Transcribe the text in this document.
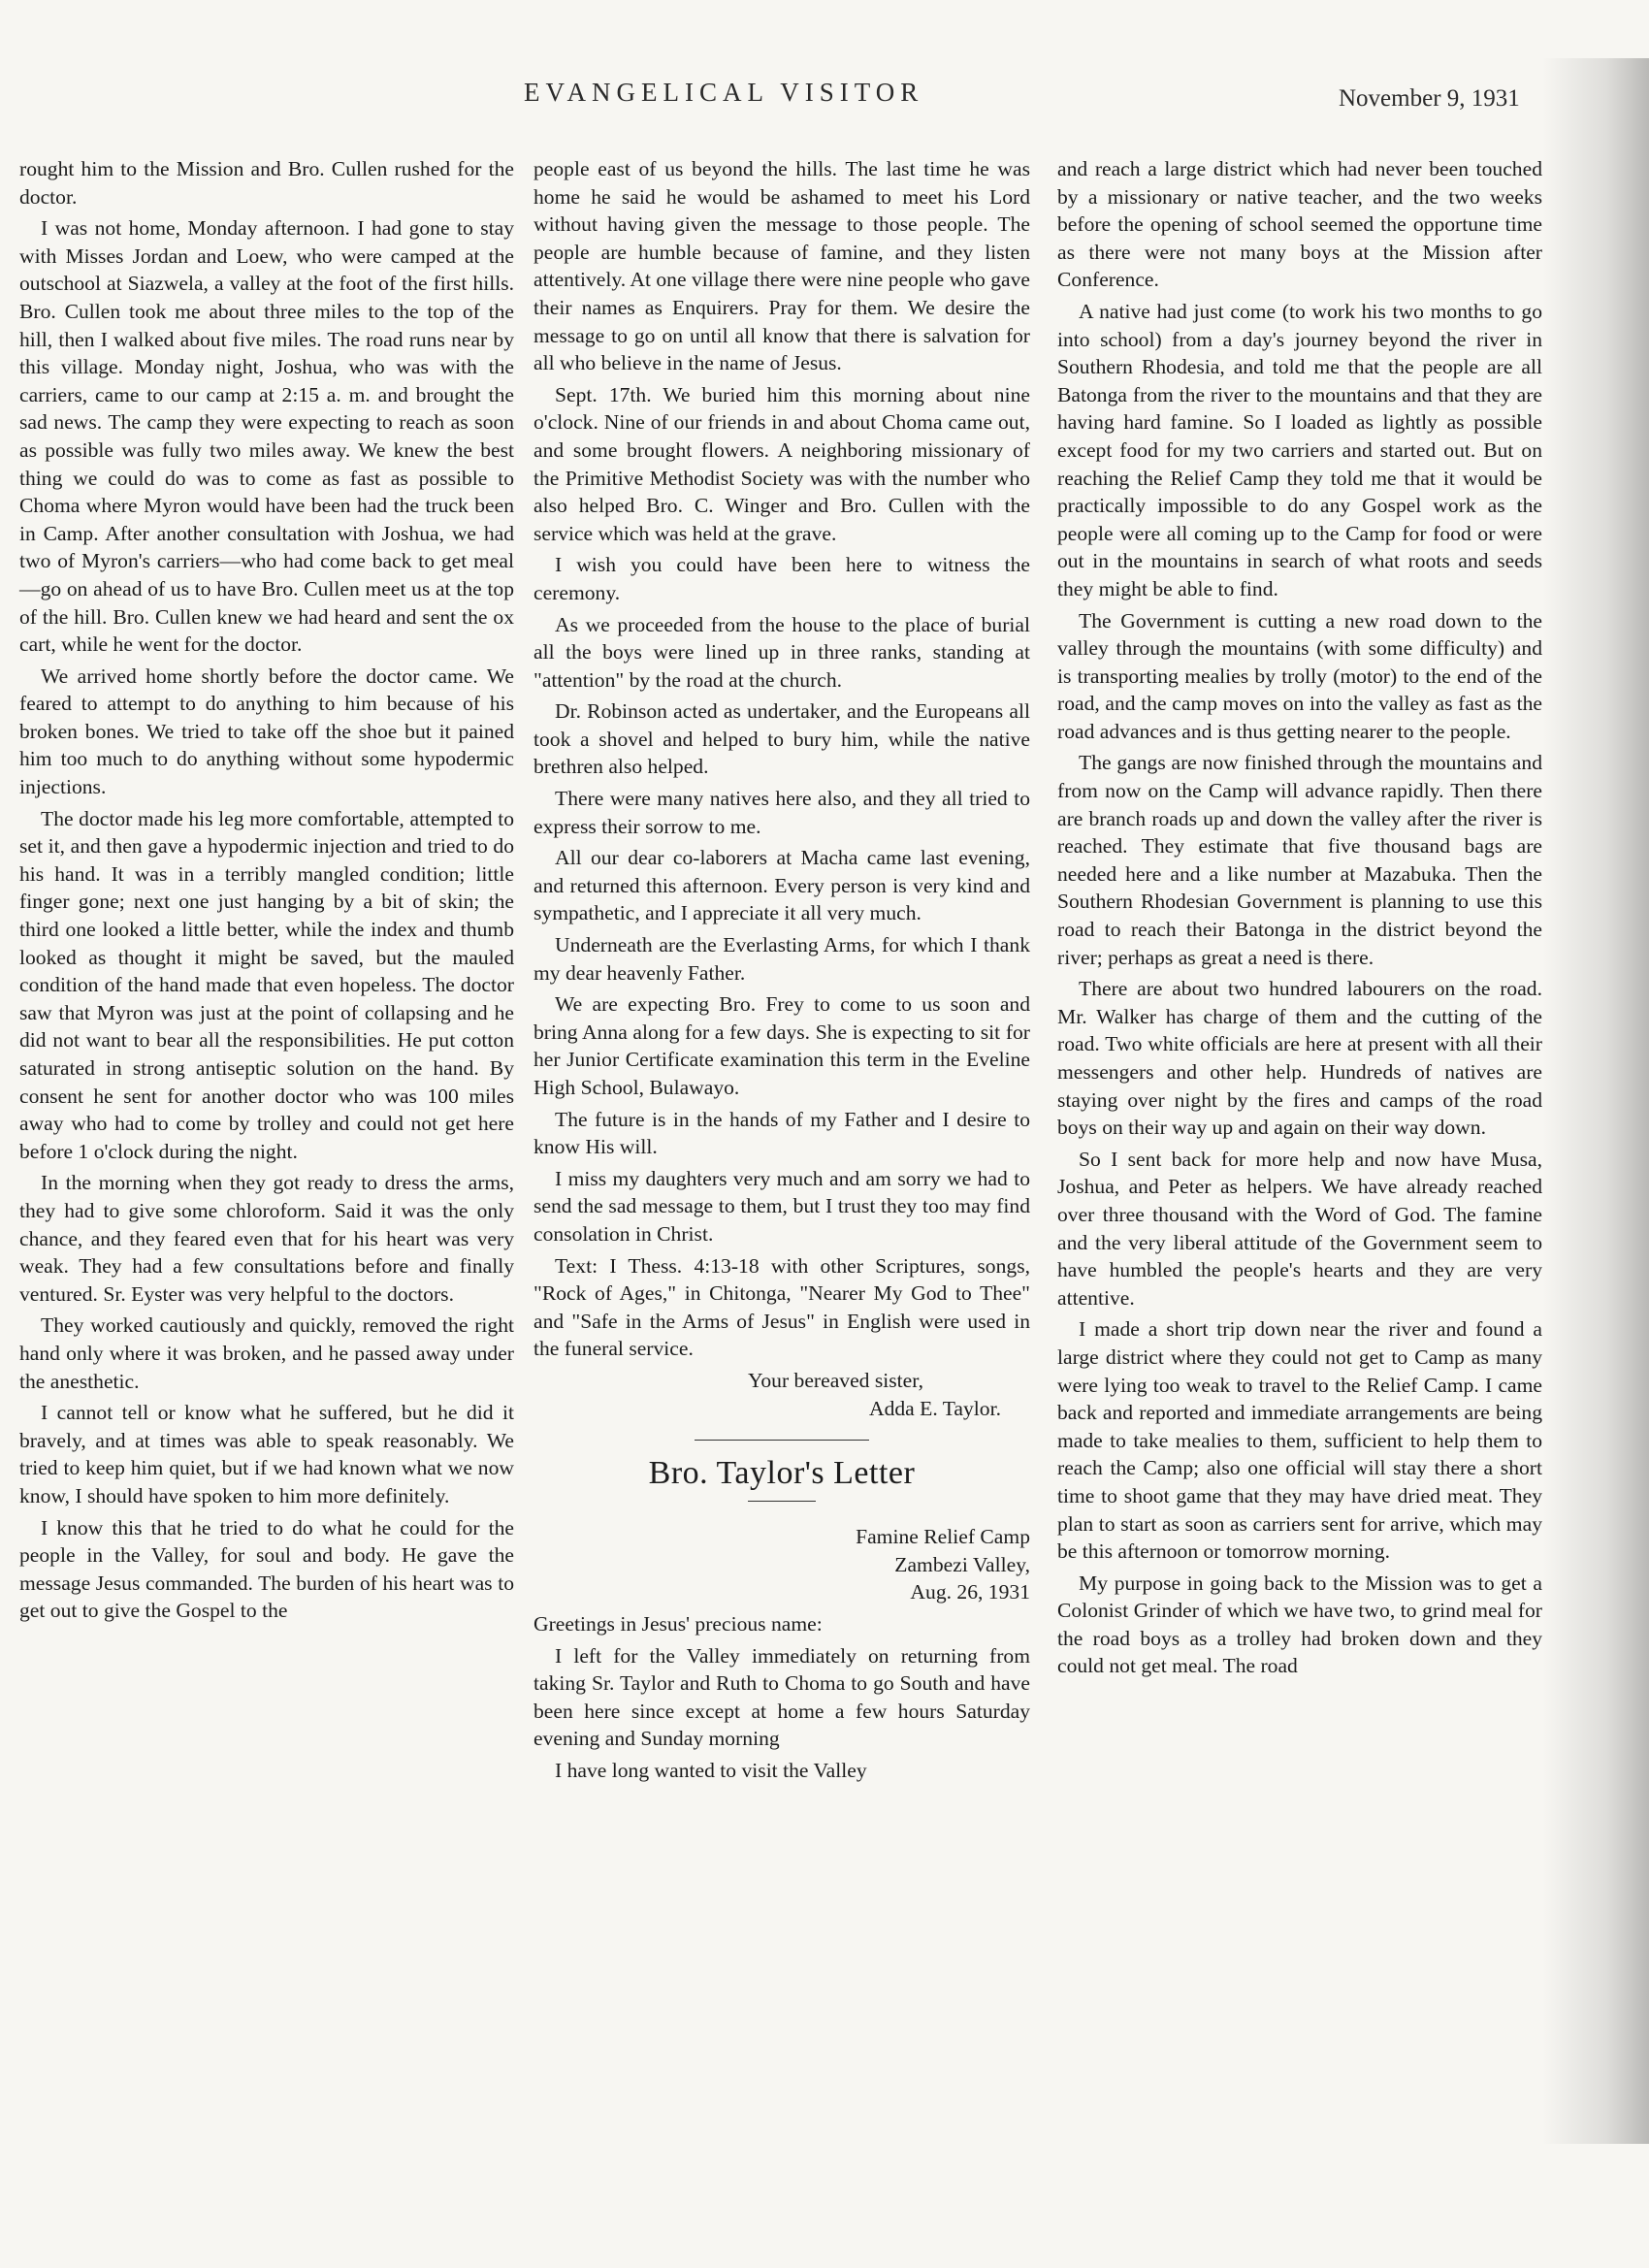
EVANGELICAL VISITOR	November 9, 1931

rought him to the Mission and Bro. Cullen rushed for the doctor.

I was not home, Monday afternoon. I had gone to stay with Misses Jordan and Loew, who were camped at the outschool at Siazwela, a valley at the foot of the first hills. Bro. Cullen took me about three miles to the top of the hill, then I walked about five miles. The road runs near by this village. Monday night, Joshua, who was with the carriers, came to our camp at 2:15 a. m. and brought the sad news. The camp they were expecting to reach as soon as possible was fully two miles away. We knew the best thing we could do was to come as fast as possible to Choma where Myron would have been had the truck been in Camp. After another consultation with Joshua, we had two of Myron's carriers—who had come back to get meal—go on ahead of us to have Bro. Cullen meet us at the top of the hill. Bro. Cullen knew we had heard and sent the ox cart, while he went for the doctor.

We arrived home shortly before the doctor came. We feared to attempt to do anything to him because of his broken bones. We tried to take off the shoe but it pained him too much to do anything without some hypodermic injections.

The doctor made his leg more comfortable, attempted to set it, and then gave a hypodermic injection and tried to do his hand. It was in a terribly mangled condition; little finger gone; next one just hanging by a bit of skin; the third one looked a little better, while the index and thumb looked as thought it might be saved, but the mauled condition of the hand made that even hopeless. The doctor saw that Myron was just at the point of collapsing and he did not want to bear all the responsibilities. He put cotton saturated in strong antiseptic solution on the hand. By consent he sent for another doctor who was 100 miles away who had to come by trolley and could not get here before 1 o'clock during the night.

In the morning when they got ready to dress the arms, they had to give some chloroform. Said it was the only chance, and they feared even that for his heart was very weak. They had a few consultations before and finally ventured. Sr. Eyster was very helpful to the doctors.

They worked cautiously and quickly, removed the right hand only where it was broken, and he passed away under the anesthetic.

I cannot tell or know what he suffered, but he did it bravely, and at times was able to speak reasonably. We tried to keep him quiet, but if we had known what we now know, I should have spoken to him more definitely.

I know this that he tried to do what he could for the people in the Valley, for soul and body. He gave the message Jesus commanded. The burden of his heart was to get out to give the Gospel to the

people east of us beyond the hills. The last time he was home he said he would be ashamed to meet his Lord without having given the message to those people. The people are humble because of famine, and they listen attentively. At one village there were nine people who gave their names as Enquirers. Pray for them. We desire the message to go on until all know that there is salvation for all who believe in the name of Jesus.

Sept. 17th. We buried him this morning about nine o'clock. Nine of our friends in and about Choma came out, and some brought flowers. A neighboring missionary of the Primitive Methodist Society was with the number who also helped Bro. C. Winger and Bro. Cullen with the service which was held at the grave.

I wish you could have been here to witness the ceremony.

As we proceeded from the house to the place of burial all the boys were lined up in three ranks, standing at "attention" by the road at the church.

Dr. Robinson acted as undertaker, and the Europeans all took a shovel and helped to bury him, while the native brethren also helped.

There were many natives here also, and they all tried to express their sorrow to me.

All our dear co-laborers at Macha came last evening, and returned this afternoon. Every person is very kind and sympathetic, and I appreciate it all very much.

Underneath are the Everlasting Arms, for which I thank my dear heavenly Father.

We are expecting Bro. Frey to come to us soon and bring Anna along for a few days. She is expecting to sit for her Junior Certificate examination this term in the Eveline High School, Bulawayo.

The future is in the hands of my Father and I desire to know His will.

I miss my daughters very much and am sorry we had to send the sad message to them, but I trust they too may find consolation in Christ.

Text: I Thess. 4:13-18 with other Scriptures, songs, "Rock of Ages," in Chitonga, "Nearer My God to Thee" and "Safe in the Arms of Jesus" in English were used in the funeral service.

Your bereaved sister,
Adda E. Taylor.
Bro. Taylor's Letter
Famine Relief Camp
Zambezi Valley,
Aug. 26, 1931

Greetings in Jesus' precious name:

I left for the Valley immediately on returning from taking Sr. Taylor and Ruth to Choma to go South and have been here since except at home a few hours Saturday evening and Sunday morning

I have long wanted to visit the Valley

and reach a large district which had never been touched by a missionary or native teacher, and the two weeks before the opening of school seemed the opportune time as there were not many boys at the Mission after Conference.

A native had just come (to work his two months to go into school) from a day's journey beyond the river in Southern Rhodesia, and told me that the people are all Batonga from the river to the mountains and that they are having hard famine. So I loaded as lightly as possible except food for my two carriers and started out. But on reaching the Relief Camp they told me that it would be practically impossible to do any Gospel work as the people were all coming up to the Camp for food or were out in the mountains in search of what roots and seeds they might be able to find.

The Government is cutting a new road down to the valley through the mountains (with some difficulty) and is transporting mealies by trolly (motor) to the end of the road, and the camp moves on into the valley as fast as the road advances and is thus getting nearer to the people.

The gangs are now finished through the mountains and from now on the Camp will advance rapidly. Then there are branch roads up and down the valley after the river is reached. They estimate that five thousand bags are needed here and a like number at Mazabuka. Then the Southern Rhodesian Government is planning to use this road to reach their Batonga in the district beyond the river; perhaps as great a need is there.

There are about two hundred labourers on the road. Mr. Walker has charge of them and the cutting of the road. Two white officials are here at present with all their messengers and other help. Hundreds of natives are staying over night by the fires and camps of the road boys on their way up and again on their way down.

So I sent back for more help and now have Musa, Joshua, and Peter as helpers. We have already reached over three thousand with the Word of God. The famine and the very liberal attitude of the Government seem to have humbled the people's hearts and they are very attentive.

I made a short trip down near the river and found a large district where they could not get to Camp as many were lying too weak to travel to the Relief Camp. I came back and reported and immediate arrangements are being made to take mealies to them, sufficient to help them to reach the Camp; also one official will stay there a short time to shoot game that they may have dried meat. They plan to start as soon as carriers sent for arrive, which may be this afternoon or tomorrow morning.

My purpose in going back to the Mission was to get a Colonist Grinder of which we have two, to grind meal for the road boys as a trolley had broken down and they could not get meal. The road
